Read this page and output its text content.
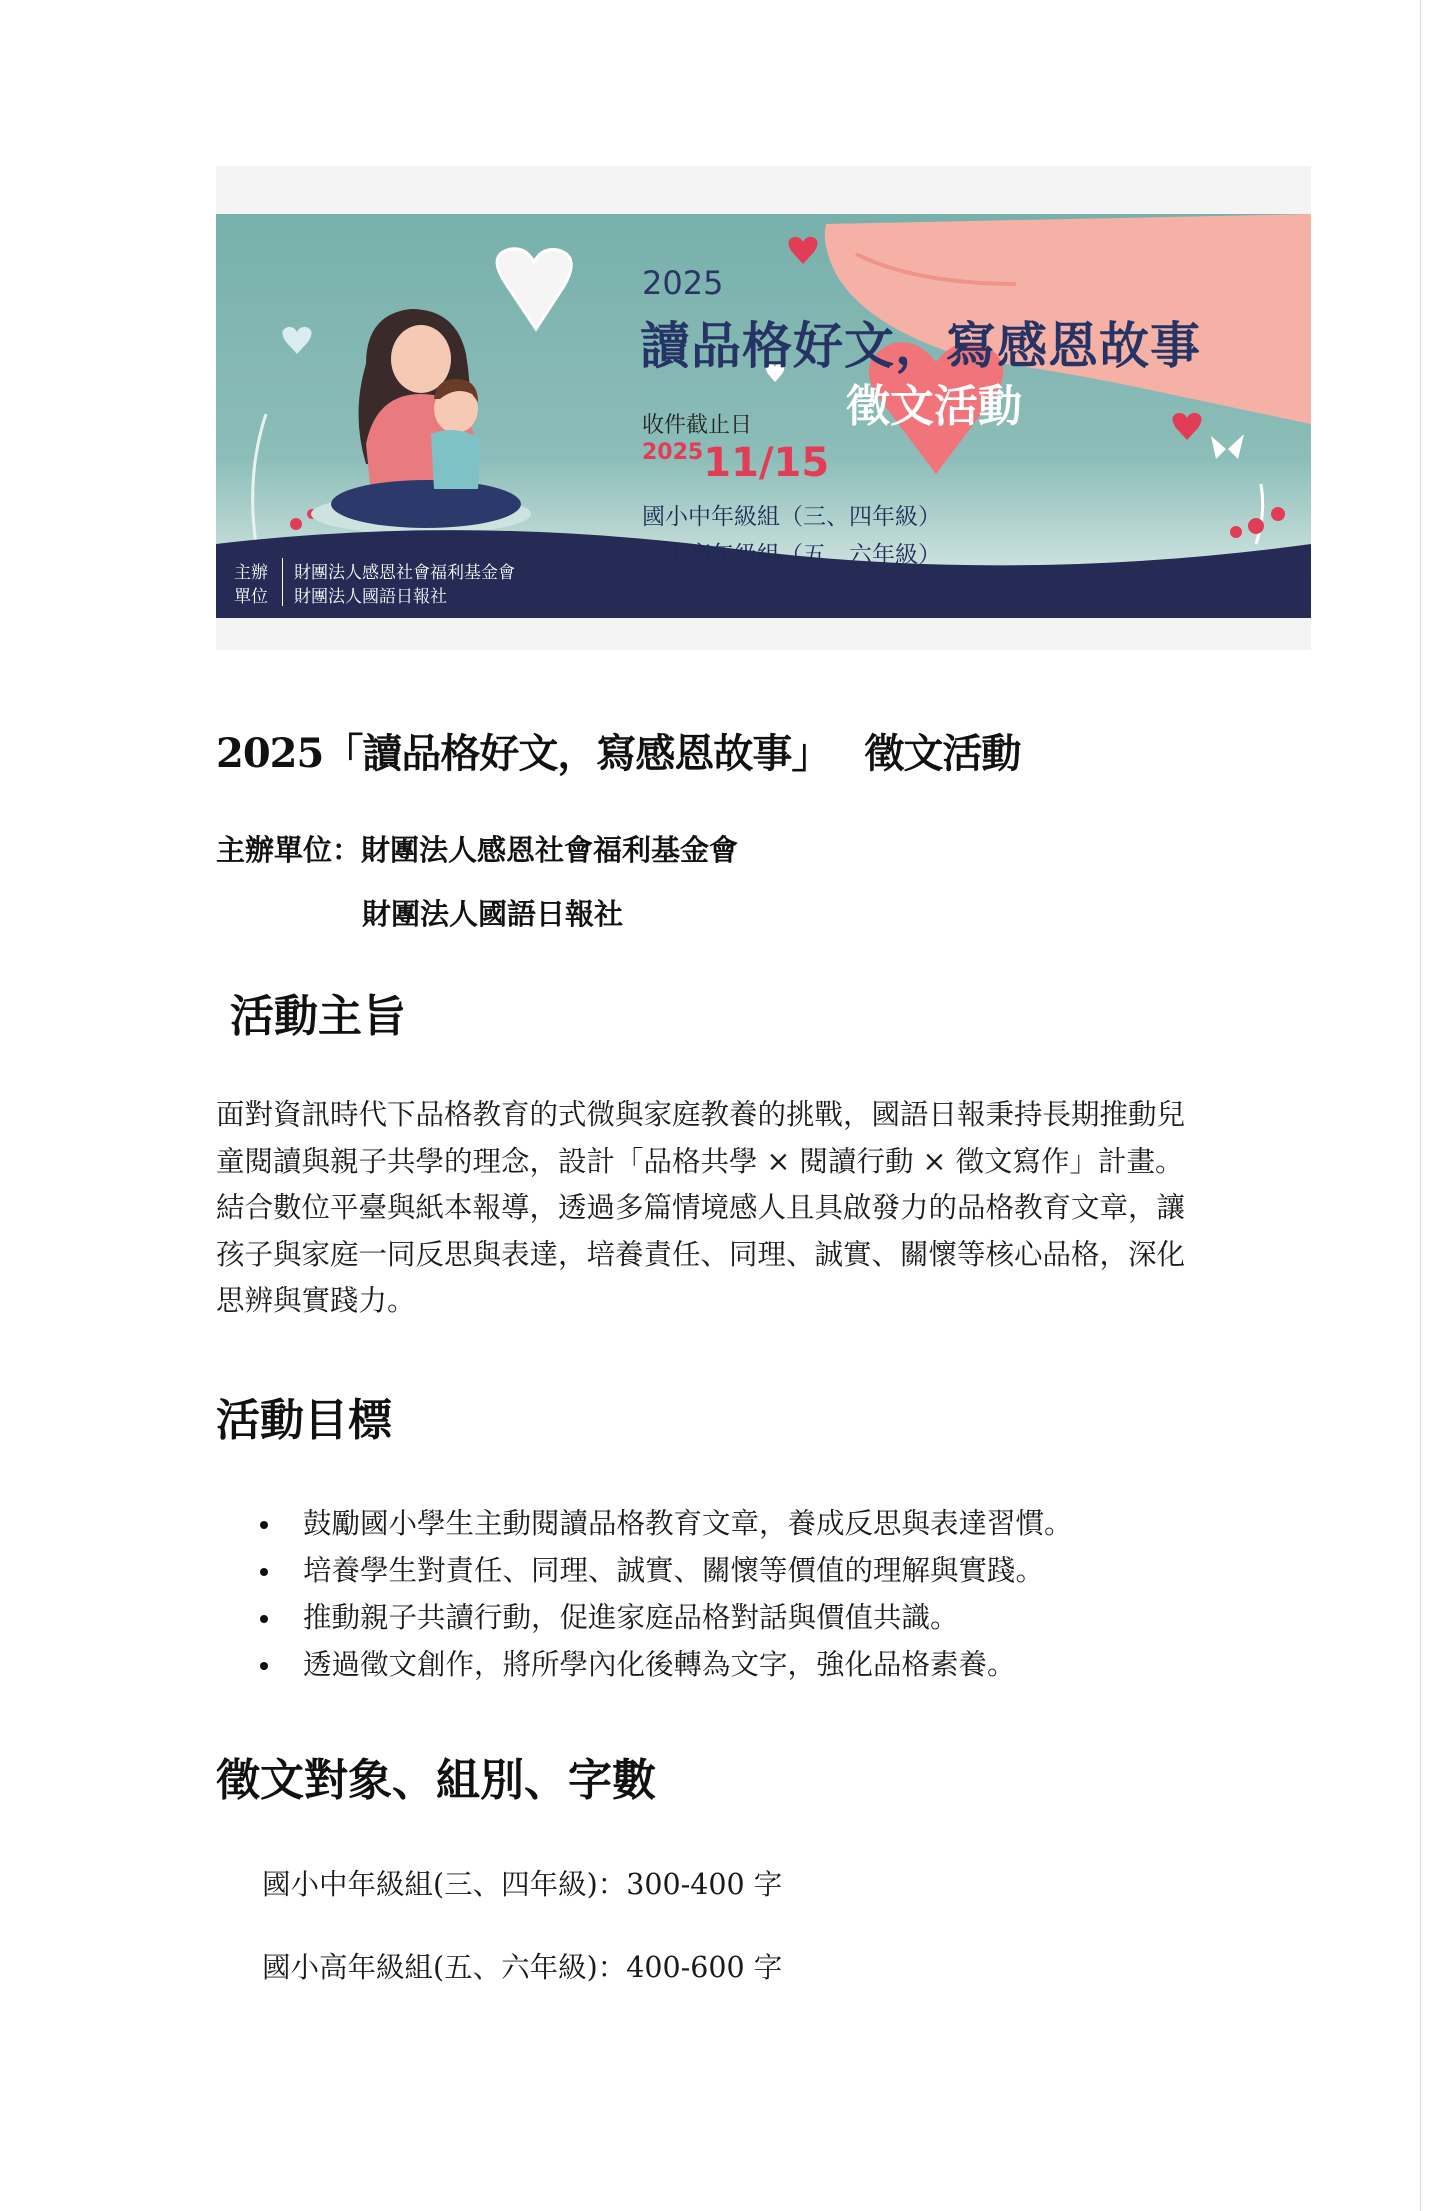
2025
讀品格好文，寫感恩故事
徵文活動
收件截止日
202511/15
國小中年級組（三、四年級）
國小高年級組（五、六年級）
主辦
單位
財團法人感恩社會福利基金會
財團法人國語日報社
2025「讀品格好文，寫感恩故事」 徵文活動
主辦單位：財團法人感恩社會福利基金會
財團法人國語日報社
活動主旨
面對資訊時代下品格教育的式微與家庭教養的挑戰，國語日報秉持長期推動兒
童閱讀與親子共學的理念，設計「品格共學 × 閱讀行動 × 徵文寫作」計畫。
結合數位平臺與紙本報導，透過多篇情境感人且具啟發力的品格教育文章，讓
孩子與家庭一同反思與表達，培養責任、同理、誠實、關懷等核心品格，深化
思辨與實踐力。
活動目標
鼓勵國小學生主動閱讀品格教育文章，養成反思與表達習慣。
培養學生對責任、同理、誠實、關懷等價值的理解與實踐。
推動親子共讀行動，促進家庭品格對話與價值共識。
透過徵文創作，將所學內化後轉為文字，強化品格素養。
徵文對象、組別、字數
國小中年級組(三、四年級)：300-400 字
國小高年級組(五、六年級)：400-600 字
